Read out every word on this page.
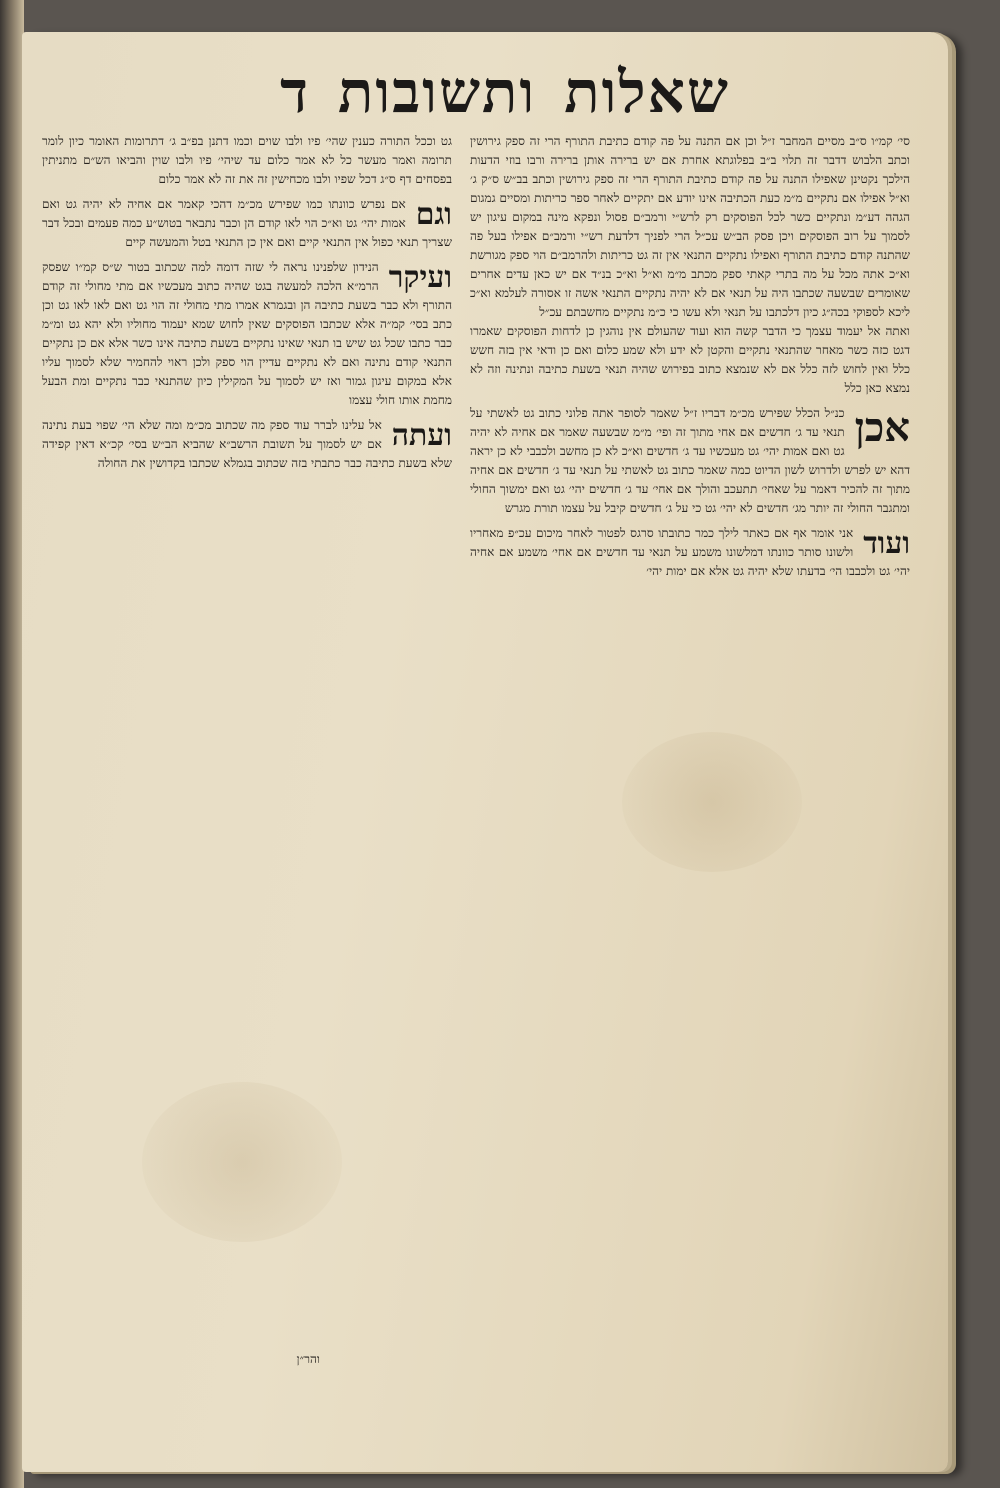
שאלותותשובותד

סי׳ קמ״ו ס״ב מסיים המחבר ז״ל וכן אם התנה על פה קודם כתיבת התורף הרי זה ספק גירושין וכתב הלבוש דדבר זה תלוי ב״ב בפלוגתא אחרת אם יש ברירה אותן ברירה ורבו בוזי הדעות הילכך נקטינן שאפילו התנה על פה קודם כתיבת התורף הרי זה ספק גירושין וכתב בב״ש ס״ק ג׳ וא״ל אפילו אם נתקיים מ״מ כעת הכתיבה אינו יודע אם יתקיים לאחר ספר כריתות ומסיים גמגום הגהה דע״מ ונתקיים כשר לכל הפוסקים רק לרש״י ורמב״ם פסול ונפקא מינה במקום עיגון יש לסמוך על רוב הפוסקים ויכן פסק הב״ש עכ״ל הרי לפניך דלדעת רש״י ורמב״ם אפילו בעל פה שהתנה קודם כתיבת התורף ואפילו נתקיים התנאי אין זה גט כריתות ולהרמב״ם הוי ספק מגורשת וא״כ אתה מכל על מה בתרי קאתי ספק מכתב מ״מ וא״ל וא״כ בנ״ד אם יש כאן עדים אחרים שאומרים שבשעה שכתבו היה על תנאי אם לא יהיה נתקיים התנאי אשה זו אסורה לעלמא וא״כ ליכא לספוקי בכה״ג כיון דלכתבו על תנאי ולא עשו כי כ״מ נתקיים מחשבתם עכ״ל

ואתה אל יעמוד עצמך כי הדבר קשה הוא ועוד שהעולם אין נוהגין כן לדחות הפוסקים שאמרו דגט כזה כשר מאחר שהתנאי נתקיים והקטן לא ידע ולא שמע כלום ואם כן ודאי אין בזה חשש כלל ואין לחוש לזה כלל אם לא שנמצא כתוב בפירוש שהיה תנאי בשעת כתיבה ונתינה וזה לא נמצא כאן כלל

אכן
כנ״ל הכלל שפירש מכ״מ דבריו ז״ל שאמר לסופר אתה פלוני כתוב גט לאשתי על תנאי עד ג׳ חדשים אם אחי מתוך זה ופי׳ מ״מ שבשעה שאמר אם אחיה לא יהיה גט ואם אמות יהי׳ גט מעכשיו עד ג׳ חדשים וא״כ לא כן מחשב ולכבבי לא כן יראה דהא יש לפרש ולדרוש לשון הדיוט כמה שאמר כתוב גט לאשתי על תנאי עד ג׳ חדשים אם אחיה מתוך זה להכיר דאמר על שאחי׳ תתעכב והולך אם אחי׳ עד ג׳ חדשים יהי׳ גט ואם ימשוך החולי ומתגבר החולי זה יותר מג׳ חדשים לא יהי׳ גט כי על ג׳ חדשים קיבל על עצמו תורת מגרש

ועוד
אני אומר אף אם כאתר לילך כמר כתובתו סרגס לפטור לאחר מיכום עכ״פ מאחריו ולשונו סותר כוונתו דמלשונו משמע על תנאי עד חדשים אם אחי׳ משמע אם אחיה יהי׳ גט ולכבבו הי׳ בדעתו שלא יהיה גט אלא אם ימות יהי׳

גט וככל התורה כענין שהי׳ פיו ולבו שוים וכמו דתנן בפ״ב ג׳ דתרומות האומר כיון לומר תרומה ואמר מעשר כל לא אמר כלום עד שיהי׳ פיו ולבו שוין והביאו הש״ם מתניתין בפסחים דף ס״ג דכל שפיו ולבו מכחישין זה את זה לא אמר כלום

וגם
אם נפרש כוונתו כמו שפירש מכ״מ דהכי קאמר אם אחיה לא יהיה גט ואם אמות יהי׳ גט וא״כ הוי לאו קודם הן וכבר נתבאר בטוש״ע כמה פעמים ובכל דבר שצריך תנאי כפול אין התנאי קיים ואם אין כן התנאי בטל והמעשה קיים

ועיקר
הנידון שלפנינו נראה לי שזה דומה למה שכתוב בטור ש״ס קמ״ו שפסק הרמ״א הלכה למעשה בגט שהיה כתוב מעכשיו אם מתי מחולי זה קודם התורף ולא כבר בשעת כתיבה הן ובגמרא אמרו מתי מחולי זה הוי גט ואם לאו לאו גט וכן כתב בסי׳ קמ״ה אלא שכתבו הפוסקים שאין לחוש שמא יעמוד מחוליו ולא יהא גט ומ״מ כבר כתבו שכל גט שיש בו תנאי שאינו נתקיים בשעת כתיבה אינו כשר אלא אם כן נתקיים התנאי קודם נתינה ואם לא נתקיים עדיין הוי ספק ולכן ראוי להחמיר שלא לסמוך עליו אלא במקום עיגון גמור ואז יש לסמוך על המקילין כיון שהתנאי כבר נתקיים ומת הבעל מחמת אותו חולי עצמו

ועתה
אל עלינו לברר עוד ספק מה שכתוב מכ״מ ומה שלא הי׳ שפוי בעת נתינה אם יש לסמוך על תשובת הרשב״א שהביא הב״ש בסי׳ קכ״א דאין קפידה שלא בשעת כתיבה כבר כתבתי בזה שכתוב בגמלא שכתבו בקדושין את החולה

והר״ן
